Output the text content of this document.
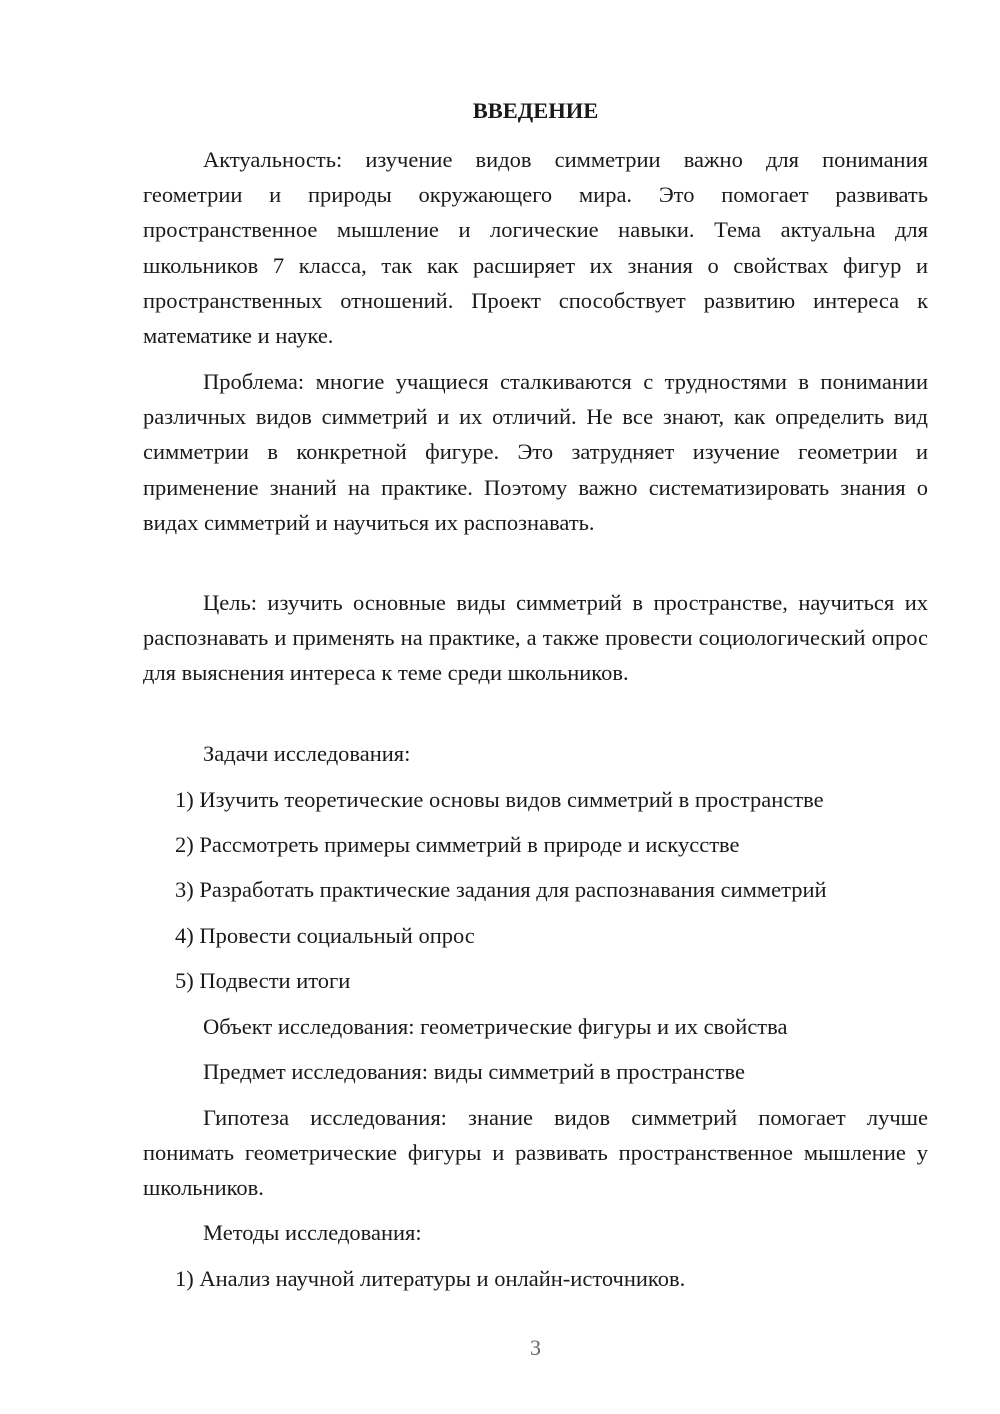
ВВЕДЕНИЕ

Актуальность: изучение видов симметрии важно для понимания геометрии и природы окружающего мира. Это помогает развивать пространственное мышление и логические навыки. Тема актуальна для школьников 7 класса, так как расширяет их знания о свойствах фигур и пространственных отношений. Проект способствует развитию интереса к математике и науке.

Проблема: многие учащиеся сталкиваются с трудностями в понимании различных видов симметрий и их отличий. Не все знают, как определить вид симметрии в конкретной фигуре. Это затрудняет изучение геометрии и применение знаний на практике. Поэтому важно систематизировать знания о видах симметрий и научиться их распознавать.

Цель: изучить основные виды симметрий в пространстве, научиться их распознавать и применять на практике, а также провести социологический опрос для выяснения интереса к теме среди школьников.

Задачи исследования:

1) Изучить теоретические основы видов симметрий в пространстве

2) Рассмотреть примеры симметрий в природе и искусстве

3) Разработать практические задания для распознавания симметрий

4) Провести социальный опрос

5) Подвести итоги

Объект исследования: геометрические фигуры и их свойства

Предмет исследования: виды симметрий в пространстве

Гипотеза исследования: знание видов симметрий помогает лучше понимать геометрические фигуры и развивать пространственное мышление у школьников.

Методы исследования:

1) Анализ научной литературы и онлайн-источников.

3
